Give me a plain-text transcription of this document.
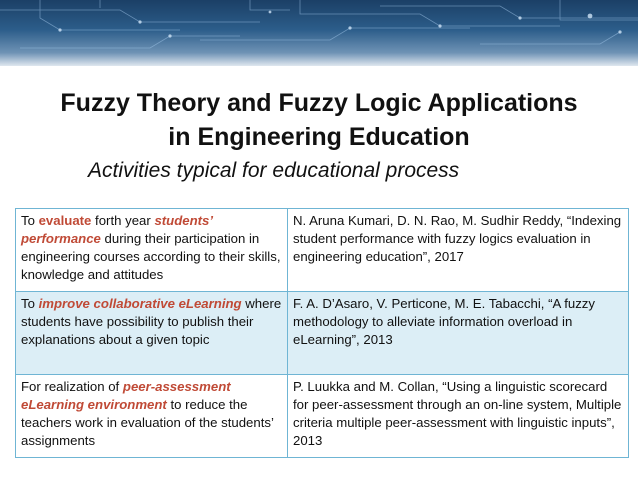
Fuzzy Theory and Fuzzy Logic Applications
in Engineering Education
Activities typical for educational process
To evaluate forth year students’ performance during their participation in engineering courses according to their skills, knowledge and attitudes	N. Aruna Kumari, D. N. Rao, M. Sudhir Reddy, “Indexing student performance with fuzzy logics evaluation in engineering education”, 2017
To improve collaborative eLearning where students have possibility to publish their explanations about a given topic	F. A. D’Asaro, V. Perticone, M. E. Tabacchi, “A fuzzy methodology to alleviate information overload in eLearning”, 2013
For realization of peer-assessment eLearning environment to reduce the teachers work in evaluation of the students’ assignments	P. Luukka and M. Collan, “Using a linguistic scorecard for peer-assessment through an on-line system, Multiple criteria multiple peer-assessment with linguistic inputs”, 2013
